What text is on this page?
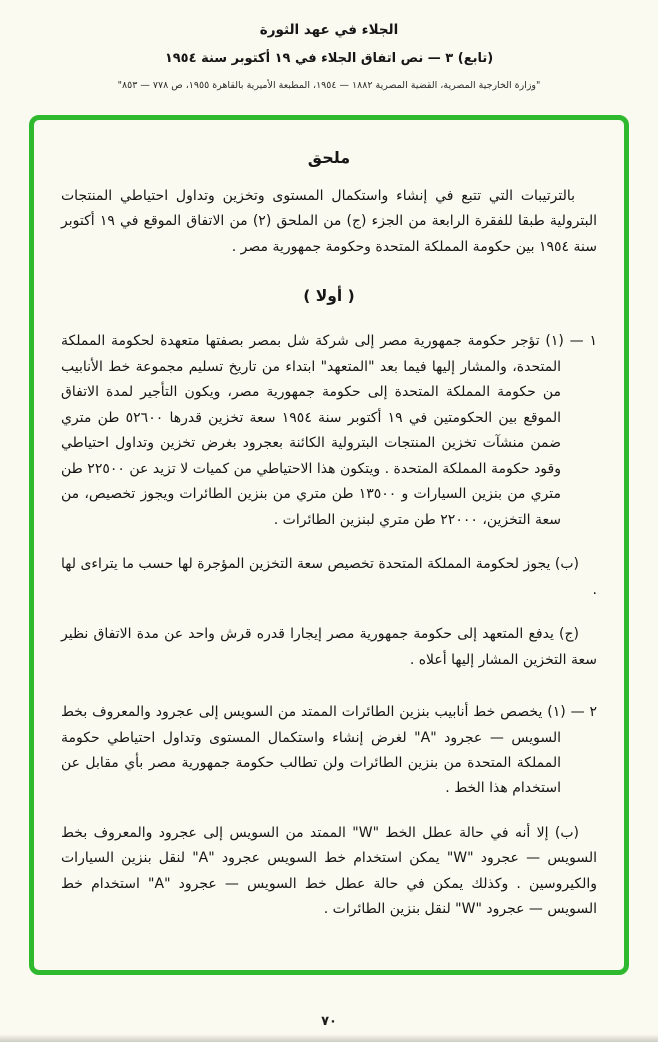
الجلاء في عهد الثورة
(تابع) ٣ — نص اتفاق الجلاء في ١٩ أكتوبر سنة ١٩٥٤
"وزارة الخارجية المصرية، القضية المصرية ١٨٨٢ — ١٩٥٤، المطبعة الأميرية بالقاهرة ١٩٥٥، ص ٧٧٨ — ٨٥٣"
ملحق

بالترتيبات التي تتبع في إنشاء واستكمال المستوى وتخزين وتداول احتياطي المنتجات البترولية طبقا للفقرة الرابعة من الجزء (ج) من الملحق (٢) من الاتفاق الموقع في ١٩ أكتوبر سنة ١٩٥٤ بين حكومة المملكة المتحدة وحكومة جمهورية مصر .

( أولا )

١ — (١) تؤجر حكومة جمهورية مصر إلى شركة شل بمصر بصفتها متعهدة لحكومة المملكة المتحدة، والمشار إليها فيما بعد "المتعهد" ابتداء من تاريخ تسليم مجموعة خط الأنابيب من حكومة المملكة المتحدة إلى حكومة جمهورية مصر، ويكون التأجير لمدة الاتفاق الموقع بين الحكومتين في ١٩ أكتوبر سنة ١٩٥٤ سعة تخزين قدرها ٥٢٦٠٠ طن متري ضمن منشآت تخزين المنتجات البترولية الكائنة بعجرود بغرض تخزين وتداول احتياطي وقود حكومة المملكة المتحدة . ويتكون هذا الاحتياطي من كميات لا تزيد عن ٢٢٥٠٠ طن متري من بنزين السيارات و ١٣٥٠٠ طن متري من بنزين الطائرات ويجوز تخصيص، من سعة التخزين، ٢٢٠٠٠ طن متري لبنزين الطائرات .

(ب) يجوز لحكومة المملكة المتحدة تخصيص سعة التخزين المؤجرة لها حسب ما يتراءى لها .

(ج) يدفع المتعهد إلى حكومة جمهورية مصر إيجارا قدره قرش واحد عن مدة الاتفاق نظير سعة التخزين المشار إليها أعلاه .

٢ — (١) يخصص خط أنابيب بنزين الطائرات الممتد من السويس إلى عجرود والمعروف بخط السويس — عجرود "A" لغرض إنشاء واستكمال المستوى وتداول احتياطي حكومة المملكة المتحدة من بنزين الطائرات ولن تطالب حكومة جمهورية مصر بأي مقابل عن استخدام هذا الخط .

(ب) إلا أنه في حالة عطل الخط "W" الممتد من السويس إلى عجرود والمعروف بخط السويس — عجرود "W" يمكن استخدام خط السويس عجرود "A" لنقل بنزين السيارات والكيروسين . وكذلك يمكن في حالة عطل خط السويس — عجرود "A" استخدام خط السويس — عجرود "W" لنقل بنزين الطائرات .

٧٠
